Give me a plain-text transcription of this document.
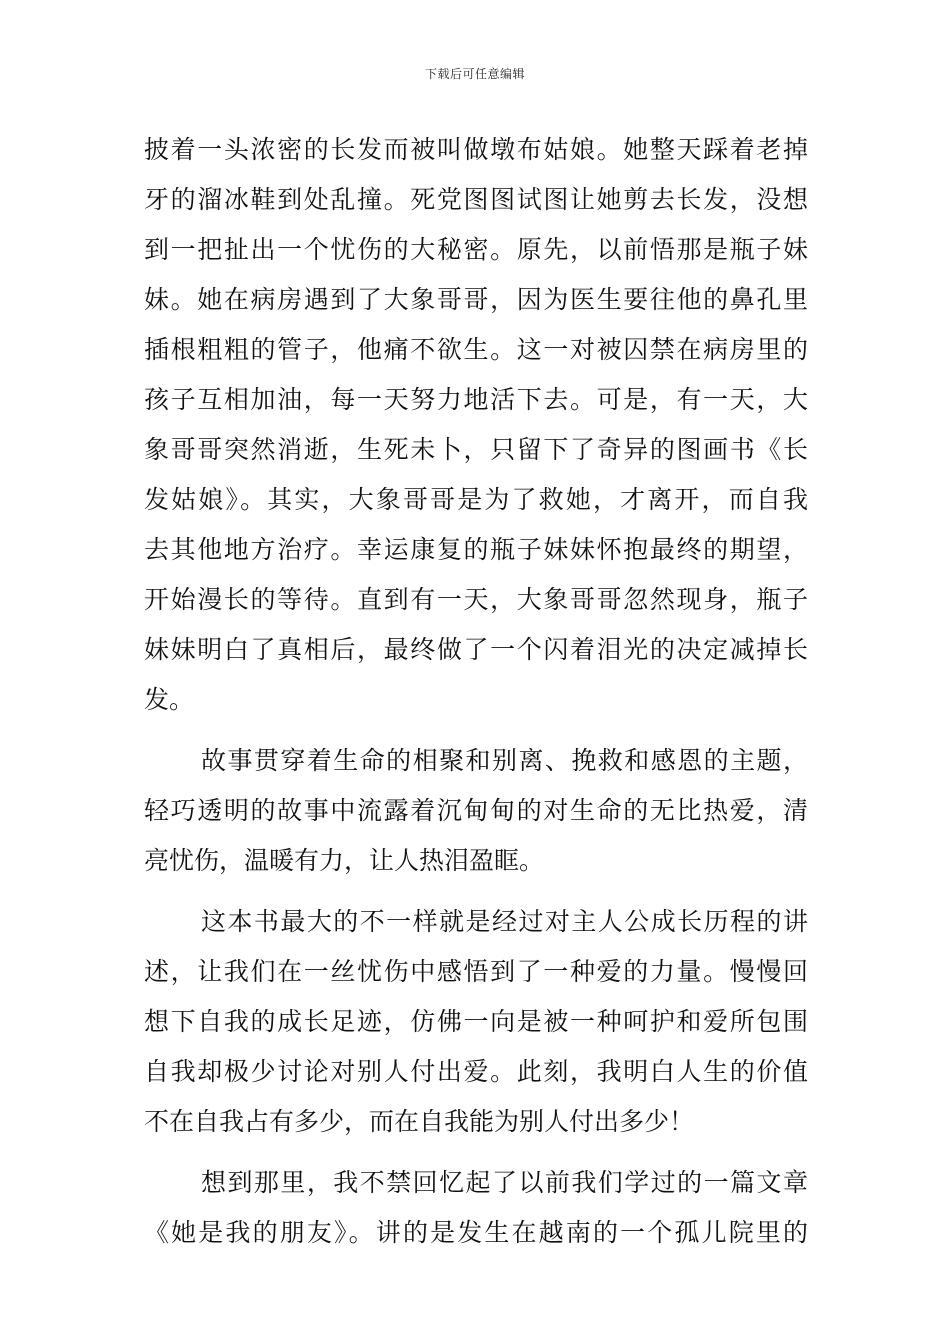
下载后可任意编辑
披着一头浓密的长发而被叫做墩布姑娘。她整天踩着老掉
牙的溜冰鞋到处乱撞。死党图图试图让她剪去长发，没想
到一把扯出一个忧伤的大秘密。原先，以前悟那是瓶子妹
妹。她在病房遇到了大象哥哥，因为医生要往他的鼻孔里
插根粗粗的管子，他痛不欲生。这一对被囚禁在病房里的
孩子互相加油，每一天努力地活下去。可是，有一天，大
象哥哥突然消逝，生死未卜，只留下了奇异的图画书《长
发姑娘》。其实，大象哥哥是为了救她，才离开，而自我
去其他地方治疗。幸运康复的瓶子妹妹怀抱最终的期望，
开始漫长的等待。直到有一天，大象哥哥忽然现身，瓶子
妹妹明白了真相后，最终做了一个闪着泪光的决定减掉长
发。
故事贯穿着生命的相聚和别离、挽救和感恩的主题，
轻巧透明的故事中流露着沉甸甸的对生命的无比热爱，清
亮忧伤，温暖有力，让人热泪盈眶。
这本书最大的不一样就是经过对主人公成长历程的讲
述，让我们在一丝忧伤中感悟到了一种爱的力量。慢慢回
想下自我的成长足迹，仿佛一向是被一种呵护和爱所包围
自我却极少讨论对别人付出爱。此刻，我明白人生的价值
不在自我占有多少，而在自我能为别人付出多少！
想到那里，我不禁回忆起了以前我们学过的一篇文章
《她是我的朋友》。讲的是发生在越南的一个孤儿院里的
